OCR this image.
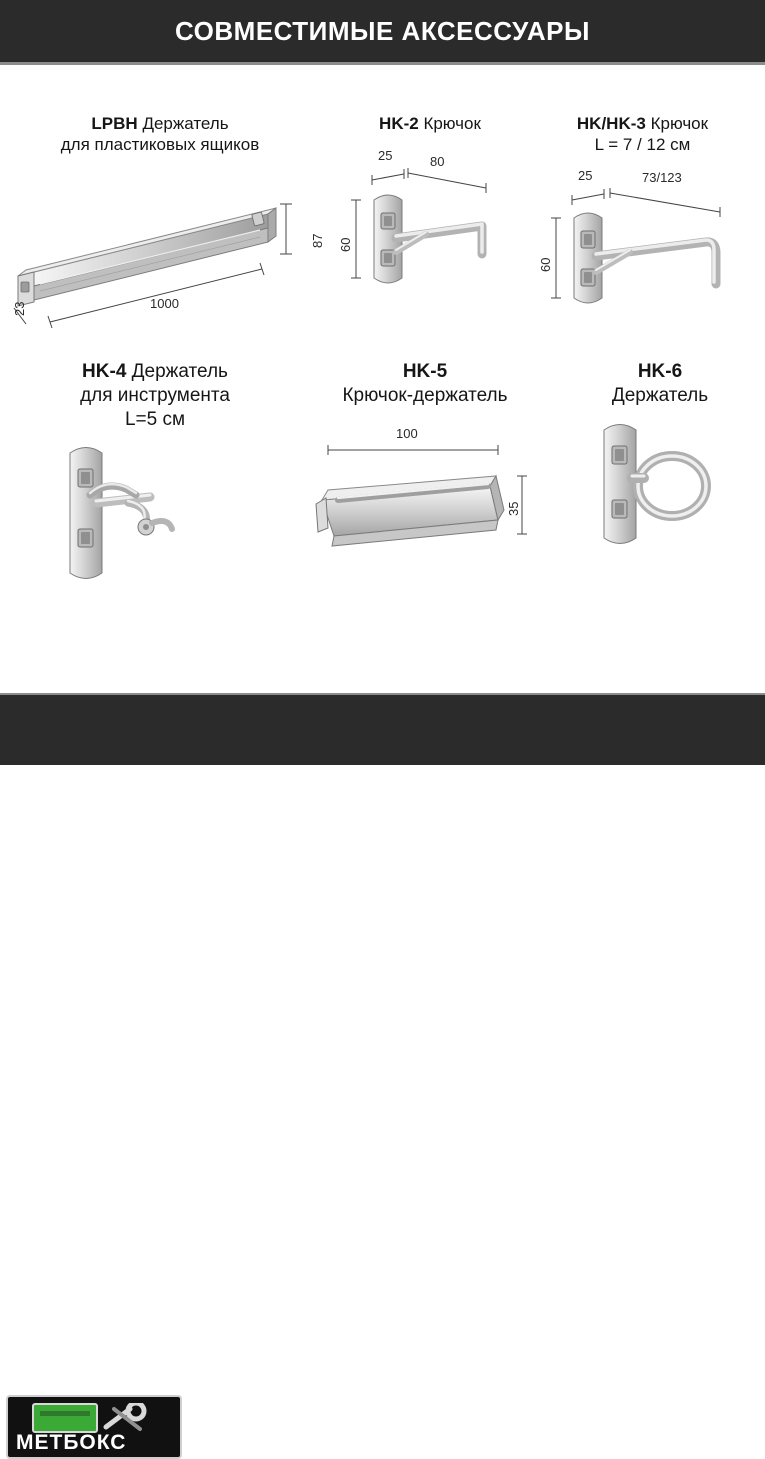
СОВМЕСТИМЫЕ АКСЕССУАРЫ
LPBH Держатель
для пластиковых ящиков
87
1000
23
HK-2 Крючок
25	80
60
HK/HK-3 Крючок
L = 7 / 12 см
25	73/123
60
HK-4 Держатель
для инструмента
L=5 см
HK-5
Крючок-держатель
100
35
HK-6
Держатель
МЕТБОКС
